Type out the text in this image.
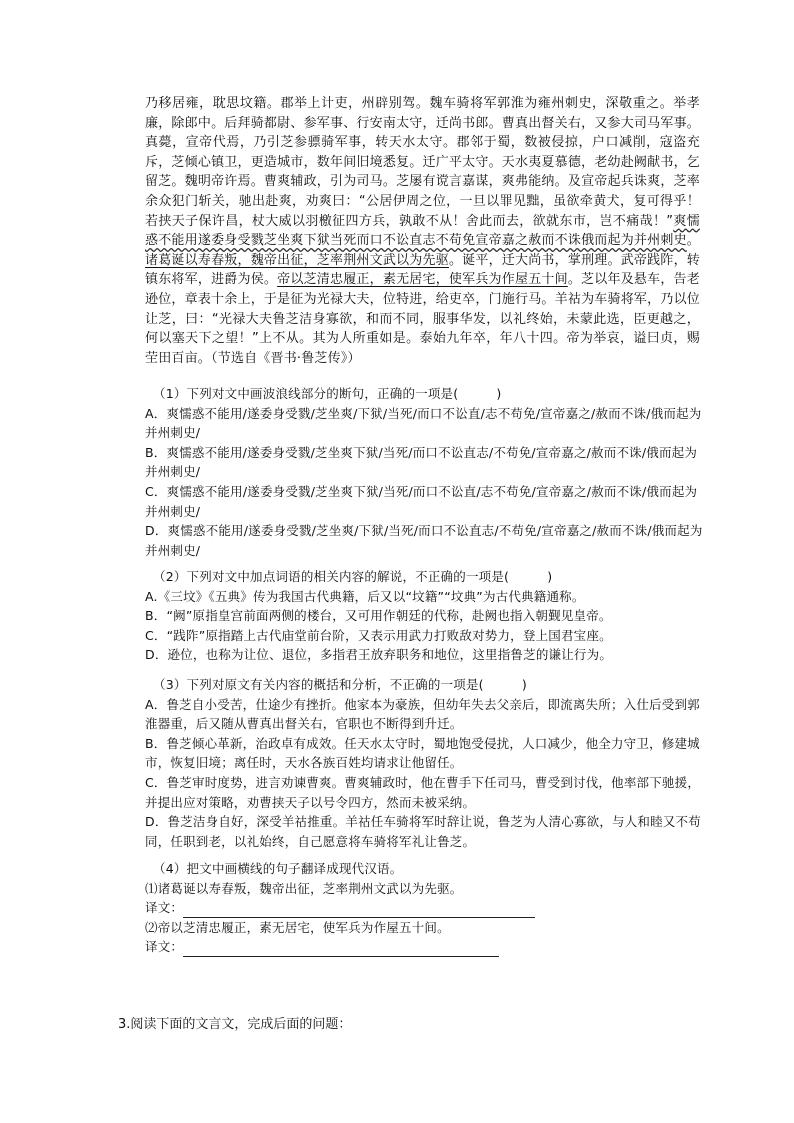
乃移居雍，耽思坟籍。郡举上计吏，州辟别驾。魏车骑将军郭淮为雍州刺史，深敬重之。举孝廉，除郎中。后拜骑都尉、参军事、行安南太守，迁尚书郎。曹真出督关右，又参大司马军事。真薨，宣帝代焉，乃引芝参骠骑军事，转天水太守。郡邻于蜀，数被侵掠，户口减削，寇盗充斥，芝倾心镇卫，更造城市，数年间旧境悉复。迁广平太守。天水夷夏慕德，老幼赴阙献书，乞留芝。魏明帝许焉。曹爽辅政，引为司马。芝屡有谠言嘉谋，爽弗能纳。及宣帝起兵诛爽，芝率余众犯门斩关，驰出赴爽，劝爽曰：“公居伊周之位，一旦以罪见黜，虽欲牵黄犬，复可得乎！若挟天子保许昌，杖大威以羽檄征四方兵，孰敢不从！舍此而去，欲就东市，岂不痛哉！”爽懦惑不能用遂委身受戮芝坐爽下狱当死而口不讼直志不苟免宣帝嘉之赦而不诛俄而起为并州刺史。诸葛诞以寿春叛，魏帝出征，芝率荆州文武以为先驱。诞平，迁大尚书，掌刑理。武帝践阼，转镇东将军，进爵为侯。帝以芝清忠履正，素无居宅，使军兵为作屋五十间。芝以年及悬车，告老逊位，章表十余上，于是征为光禄大夫，位特进，给吏卒，门施行马。羊祜为车骑将军，乃以位让芝，曰：“光禄大夫鲁芝洁身寡欲，和而不同，服事华发，以礼终始，未蒙此选，臣更越之，何以塞天下之望！”上不从。其为人所重如是。泰始九年卒，年八十四。帝为举哀，谥曰贞，赐茔田百亩。（节选自《晋书·鲁芝传》）
（1）下列对文中画波浪线部分的断句，正确的一项是(　　　)
A．爽懦惑不能用/遂委身受戮/芝坐爽/下狱/当死/而口不讼直/志不苟免/宣帝嘉之/赦而不诛/俄而起为并州刺史/
B．爽懦惑不能用/遂委身受戮/芝坐爽下狱/当死/而口不讼直志/不苟免/宣帝嘉之/赦而不诛/俄而起为并州刺史/
C．爽懦惑不能用/遂委身受戮/芝坐爽下狱/当死/而口不讼直/志不苟免/宣帝嘉之/赦而不诛/俄而起为并州刺史/
D．爽懦惑不能用/遂委身受戮/芝坐爽/下狱/当死/而口不讼直志/不苟免/宣帝嘉之/赦而不诛/俄而起为并州刺史/
（2）下列对文中加点词语的相关内容的解说，不正确的一项是(　　　)
A.《三坟》《五典》传为我国古代典籍，后又以“坟籍”“坟典”为古代典籍通称。
B．“阙”原指皇宫前面两侧的楼台，又可用作朝廷的代称，赴阙也指入朝觐见皇帝。
C．“践阼”原指踏上古代庙堂前台阶，又表示用武力打败敌对势力，登上国君宝座。
D．逊位，也称为让位、退位，多指君王放弃职务和地位，这里指鲁芝的谦让行为。
（3）下列对原文有关内容的概括和分析，不正确的一项是(　　　)
A．鲁芝自小受苦，仕途少有挫折。他家本为豪族，但幼年失去父亲后，即流离失所；入仕后受到郭淮器重，后又随从曹真出督关右，官职也不断得到升迁。
B．鲁芝倾心革新，治政卓有成效。任天水太守时，蜀地饱受侵扰，人口减少，他全力守卫，修建城市，恢复旧境；离任时，天水各族百姓均请求让他留任。
C．鲁芝审时度势，进言劝谏曹爽。曹爽辅政时，他在曹手下任司马，曹受到讨伐，他率部下驰援，并提出应对策略，劝曹挟天子以号令四方，然而未被采纳。
D．鲁芝洁身自好，深受羊祜推重。羊祜任车骑将军时辞让说，鲁芝为人清心寡欲，与人和睦又不苟同，任职到老，以礼始终，自己愿意将车骑将军礼让鲁芝。
（4）把文中画横线的句子翻译成现代汉语。
⑴诸葛诞以寿春叛，魏帝出征，芝率荆州文武以为先驱。
译文：
⑵帝以芝清忠履正，素无居宅，使军兵为作屋五十间。
译文：
3.阅读下面的文言文，完成后面的问题：
